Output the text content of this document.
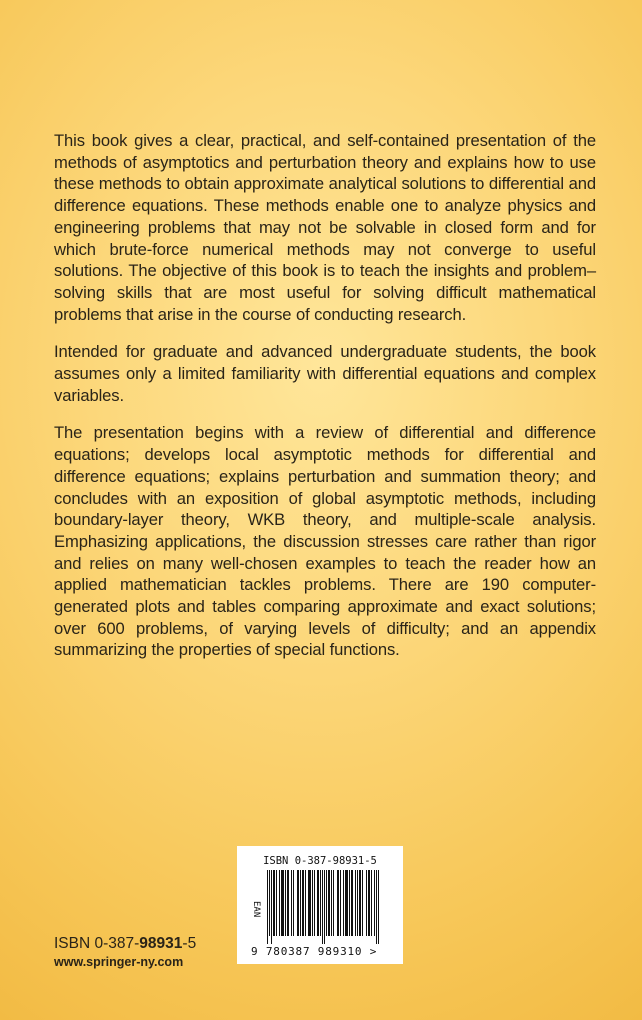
This book gives a clear, practical, and self-contained presentation of the methods of asymptotics and perturbation theory and explains how to use these methods to obtain approximate analytical solutions to differential and difference equations. These methods enable one to analyze physics and engineering problems that may not be solvable in closed form and for which brute-force numerical methods may not converge to useful solutions. The objective of this book is to teach the insights and problem–solving skills that are most useful for solving difficult mathematical problems that arise in the course of conducting research.

Intended for graduate and advanced undergraduate students, the book assumes only a limited familiarity with differential equations and complex variables.

The presentation begins with a review of differential and difference equations; develops local asymptotic methods for differential and difference equations; explains perturbation and summation theory; and concludes with an exposition of global asymptotic methods, including boundary-layer theory, WKB theory, and multiple-scale analysis. Emphasizing applications, the discussion stresses care rather than rigor and relies on many well-chosen examples to teach the reader how an applied mathematician tackles problems. There are 190 computer-generated plots and tables comparing approximate and exact solutions; over 600 problems, of varying levels of difficulty; and an appendix summarizing the properties of special functions.

ISBN 0-387-98931-5
www.springer-ny.com
ISBN 0-387-98931-5
EAN
9 780387 989310 >
